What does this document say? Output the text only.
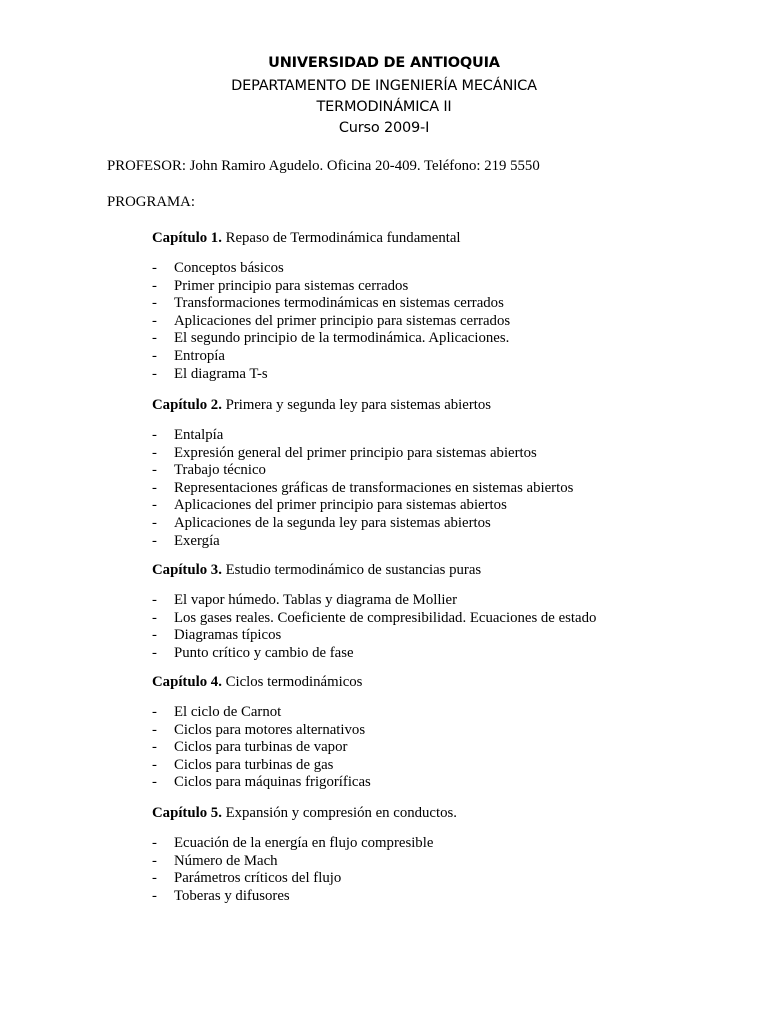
UNIVERSIDAD DE ANTIOQUIA
DEPARTAMENTO DE INGENIERÍA MECÁNICA
TERMODINÁMICA II
Curso 2009-I
PROFESOR: John Ramiro Agudelo. Oficina 20-409. Teléfono: 219 5550
PROGRAMA:
Capítulo 1. Repaso de Termodinámica fundamental
- Conceptos básicos
- Primer principio para sistemas cerrados
- Transformaciones termodinámicas en sistemas cerrados
- Aplicaciones del primer principio para sistemas cerrados
- El segundo principio de la termodinámica. Aplicaciones.
- Entropía
- El diagrama T-s
Capítulo 2. Primera y segunda ley para sistemas abiertos
- Entalpía
- Expresión general del primer principio para sistemas abiertos
- Trabajo técnico
- Representaciones gráficas de transformaciones en sistemas abiertos
- Aplicaciones del primer principio para sistemas abiertos
- Aplicaciones de la segunda ley para sistemas abiertos
- Exergía
Capítulo 3. Estudio termodinámico de sustancias puras
- El vapor húmedo. Tablas y diagrama de Mollier
- Los gases reales. Coeficiente de compresibilidad. Ecuaciones de estado
- Diagramas típicos
- Punto crítico y cambio de fase
Capítulo 4. Ciclos termodinámicos
- El ciclo de Carnot
- Ciclos para motores alternativos
- Ciclos para turbinas de vapor
- Ciclos para turbinas de gas
- Ciclos para máquinas frigoríficas
Capítulo 5. Expansión y compresión en conductos.
- Ecuación de la energía en flujo compresible
- Número de Mach
- Parámetros críticos del flujo
- Toberas y difusores
